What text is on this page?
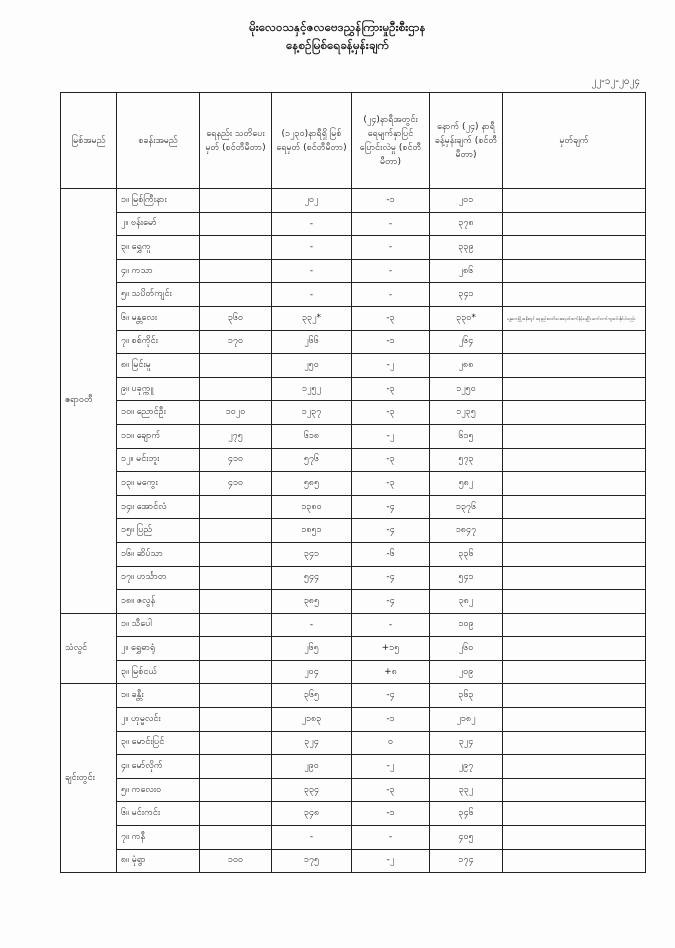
မိုးလေဝသနှင့်ဇလဗေဒညွှန်ကြားမှုဦးစီးဌာန
နေ့စဉ်မြစ်ရေခန့်မှန်းချက်
၂၂-၁၂-၂၀၂၄
မြစ်အမည်	စခန်းအမည်	ရေနည်း သတိပေးမှတ် (စင်တီမီတာ)	(၁၂၃၀)နာရီရှိ မြစ်ရေမှတ် (စင်တီမီတာ)	(၂၄)နာရီအတွင်း ရေမျက်နှာပြင် ပြောင်းလဲမှု (စင်တီမီတာ)	နောက် (၂၄) နာရီ ခန့်မှန်းချက် (စင်တီမီတာ)	မှတ်ချက်
ဧရာဝတီ	၁။ မြစ်ကြီးနား		၂၀၂	-၁	၂၀၁	
	၂။ ဗန်းမော်		-	-	၃၇၈	
	၃။ ရွှေကူ		-	-	၃၃၉	
	၄။ ကသာ		-	-	၂၈၆	
	၅။ သပိတ်ကျင်း		-	-	၃၄၁	
	၆။ မန္တလေး	၃၆၀	၃၃၂*	-၃	၃၃၀*	မန္တလေးမြို့အနီးတွင် ရေနည်းသတိပေးအမှတ်ထက်နိမ့်နေပြီး ဆက်လက်ကျဆင်းနိုင်ပါသည်။
	၇။ စစ်ကိုင်း	၁၇၀	၂၆၆	-၁	၂၆၄	
	၈။ မြင်းမူ		၂၅၀	-၂	၂၈၈	
	၉။ ပခုက္ကူ		၁၂၅၂	-၃	၁၂၅၀	
	၁၀။ ညောင်ဦး	၁၀၂၀	၁၂၃၇	-၃	၁၂၃၅	
	၁၁။ ချောက်	၂၇၅	၆၁၈	-၂	၆၁၅	
	၁၂။ မင်းဘူး	၄၁၀	၅၇၆	-၃	၅၇၃	
	၁၃။ မကွေး	၄၁၀	၅၈၅	-၃	၅၈၂	
	၁၄။ အောင်လံ		၁၃၈၀	-၄	၁၃၇၆	
	၁၅။ ပြည်		၁၈၅၁	-၄	၁၈၄၇	
	၁၆။ ဆိပ်သာ		၃၄၁	-၆	၃၃၆	
	၁၇။ ဟင်္သာတ		၅၄၄	-၄	၅၄၁	
	၁၈။ ဇလွန်		၃၈၅	-၄	၃၈၂	
သံလွင်	၁။ သီပေါ		-	-	၁၀၉	
	၂။ ရွှေဓာရုံ		၂၆၅	+၁၅	၂၆၀	
	၃။ မြစ်ငယ်		၂၀၄	+၈	၂၀၉	
ချင်းတွင်း	၁။ ခန္တီး		၃၆၅	-၄	၃၆၃	
	၂။ ဟုမ္မလင်း		၂၁၈၃	-၁	၂၁၈၂	
	၃။ မောင်းပြင်		၃၂၄	၀	၃၂၄	
	၄။ မော်လိုက်		၂၉၀	-၂	၂၉၇	
	၅။ ကလေးဝ		၃၃၄	-၃	၃၃၂	
	၆။ မင်းကင်း		၃၄၈	-၁	၃၄၆	
	၇။ ကနီ		-	-	၄၀၅	
	၈။ မုံရွာ	၁၀၀	၁၇၅	-၂	၁၇၄	
